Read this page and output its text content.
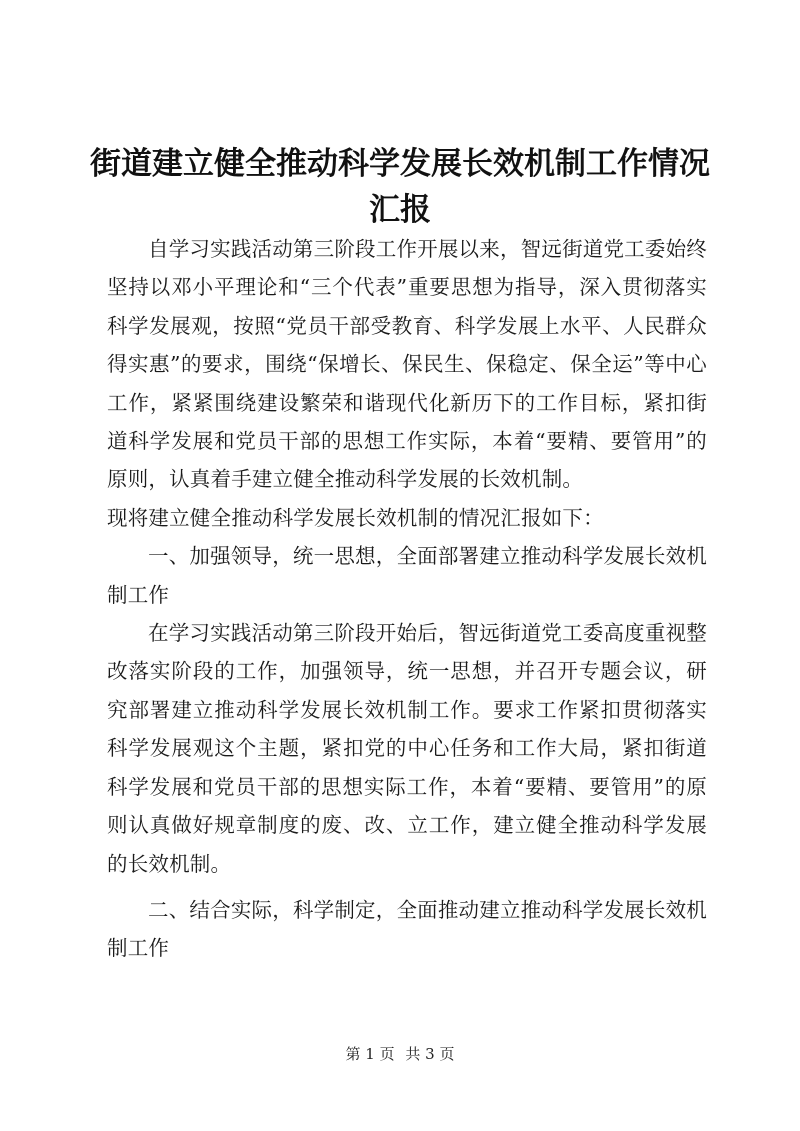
街道建立健全推动科学发展长效机制工作情况
汇报

自学习实践活动第三阶段工作开展以来，智远街道党工委始终坚持以邓小平理论和“三个代表”重要思想为指导，深入贯彻落实科学发展观，按照“党员干部受教育、科学发展上水平、人民群众得实惠”的要求，围绕“保增长、保民生、保稳定、保全运”等中心工作，紧紧围绕建设繁荣和谐现代化新历下的工作目标，紧扣街道科学发展和党员干部的思想工作实际，本着“要精、要管用”的原则，认真着手建立健全推动科学发展的长效机制。

现将建立健全推动科学发展长效机制的情况汇报如下：

一、加强领导，统一思想，全面部署建立推动科学发展长效机制工作

在学习实践活动第三阶段开始后，智远街道党工委高度重视整改落实阶段的工作，加强领导，统一思想，并召开专题会议，研究部署建立推动科学发展长效机制工作。要求工作紧扣贯彻落实科学发展观这个主题，紧扣党的中心任务和工作大局，紧扣街道科学发展和党员干部的思想实际工作，本着“要精、要管用”的原则认真做好规章制度的废、改、立工作，建立健全推动科学发展的长效机制。

二、结合实际，科学制定，全面推动建立推动科学发展长效机制工作

第 1 页 共 3 页
